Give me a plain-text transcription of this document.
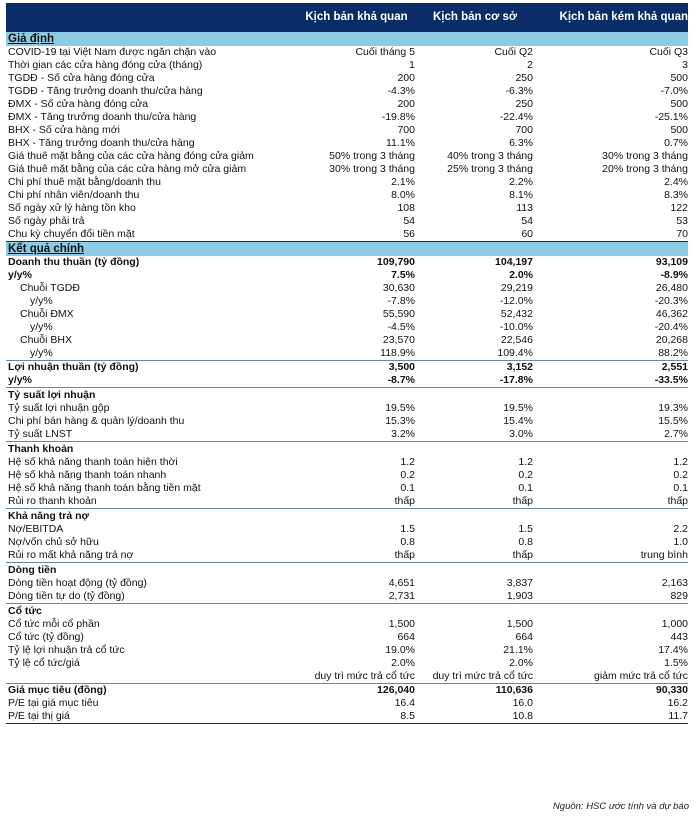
	Kịch bản khả quan	Kịch bản cơ sở	Kịch bản kém khả quan
Giả định			
COVID-19 tại Việt Nam được ngăn chặn vào	Cuối tháng 5	Cuối Q2	Cuối Q3
Thời gian các cửa hàng đóng cửa (tháng)	1	2	3
TGDĐ - Số cửa hàng đóng cửa	200	250	500
TGDĐ - Tăng trưởng doanh thu/cửa hàng	-4.3%	-6.3%	-7.0%
ĐMX - Số cửa hàng đóng cửa	200	250	500
ĐMX - Tăng trưởng doanh thu/cửa hàng	-19.8%	-22.4%	-25.1%
BHX - Số cửa hàng mới	700	700	500
BHX - Tăng trưởng doanh thu/cửa hàng	11.1%	6.3%	0.7%
Giá thuê mặt bằng của các cửa hàng đóng cửa giảm	50% trong 3 tháng	40% trong 3 tháng	30% trong 3 tháng
Giá thuê mặt bằng của các cửa hàng mở cửa giảm	30% trong 3 tháng	25% trong 3 tháng	20% trong 3 tháng
Chi phí thuê mặt bằng/doanh thu	2.1%	2.2%	2.4%
Chi phí nhân viên/doanh thu	8.0%	8.1%	8.3%
Số ngày xử lý hàng tồn kho	108	113	122
Số ngày phải trả	54	54	53
Chu kỳ chuyển đổi tiền mặt	56	60	70
Kết quả chính			
Doanh thu thuần (tỷ đồng)	109,790	104,197	93,109
y/y%	7.5%	2.0%	-8.9%
Chuỗi TGDĐ	30,630	29,219	26,480
y/y%	-7.8%	-12.0%	-20.3%
Chuỗi ĐMX	55,590	52,432	46,362
y/y%	-4.5%	-10.0%	-20.4%
Chuỗi BHX	23,570	22,546	20,268
y/y%	118.9%	109.4%	88.2%
Lợi nhuận thuần (tỷ đồng)	3,500	3,152	2,551
y/y%	-8.7%	-17.8%	-33.5%
Tỷ suất lợi nhuận			
Tỷ suất lợi nhuận gộp	19.5%	19.5%	19.3%
Chi phí bán hàng & quản lý/doanh thu	15.3%	15.4%	15.5%
Tỷ suất LNST	3.2%	3.0%	2.7%
Thanh khoản			
Hệ số khả năng thanh toán hiện thời	1.2	1.2	1.2
Hệ số khả năng thanh toán nhanh	0.2	0.2	0.2
Hệ số khả năng thanh toán bằng tiền mặt	0.1	0.1	0.1
Rủi ro thanh khoản	thấp	thấp	thấp
Khả năng trả nợ			
Nợ/EBITDA	1.5	1.5	2.2
Nợ/vốn chủ sở hữu	0.8	0.8	1.0
Rủi ro mất khả năng trả nợ	thấp	thấp	trung bình
Dòng tiền			
Dòng tiền hoạt động (tỷ đồng)	4,651	3,837	2,163
Dòng tiền tự do (tỷ đồng)	2,731	1,903	829
Cổ tức			
Cổ tức mỗi cổ phần	1,500	1,500	1,000
Cổ tức (tỷ đồng)	664	664	443
Tỷ lệ lợi nhuận trả cổ tức	19.0%	21.1%	17.4%
Tỷ lệ cổ tức/giá	2.0%	2.0%	1.5%
	duy trì mức trả cổ tức	duy trì mức trả cổ tức	giảm mức trả cổ tức
Giá mục tiêu (đồng)	126,040	110,636	90,330
P/E tại giá mục tiêu	16.4	16.0	16.2
P/E tại thị giá	8.5	10.8	11.7
Nguồn: HSC ước tính và dự báo
